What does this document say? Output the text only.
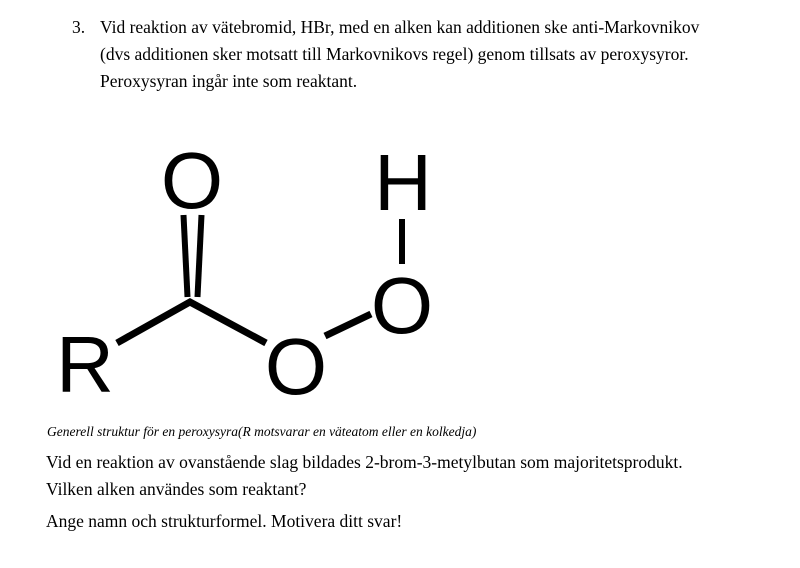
3. Vid reaktion av vätebromid, HBr, med en alken kan additionen ske anti-Markovnikov
(dvs additionen sker motsatt till Markovnikovs regel) genom tillsats av peroxysyror.
Peroxysyran ingår inte som reaktant.
O
R O
O
H
Generell struktur för en peroxysyra(R motsvarar en väteatom eller en kolkedja)
Vid en reaktion av ovanstående slag bildades 2-brom-3-metylbutan som majoritetsprodukt.
Vilken alken användes som reaktant?
Ange namn och strukturformel. Motivera ditt svar!
